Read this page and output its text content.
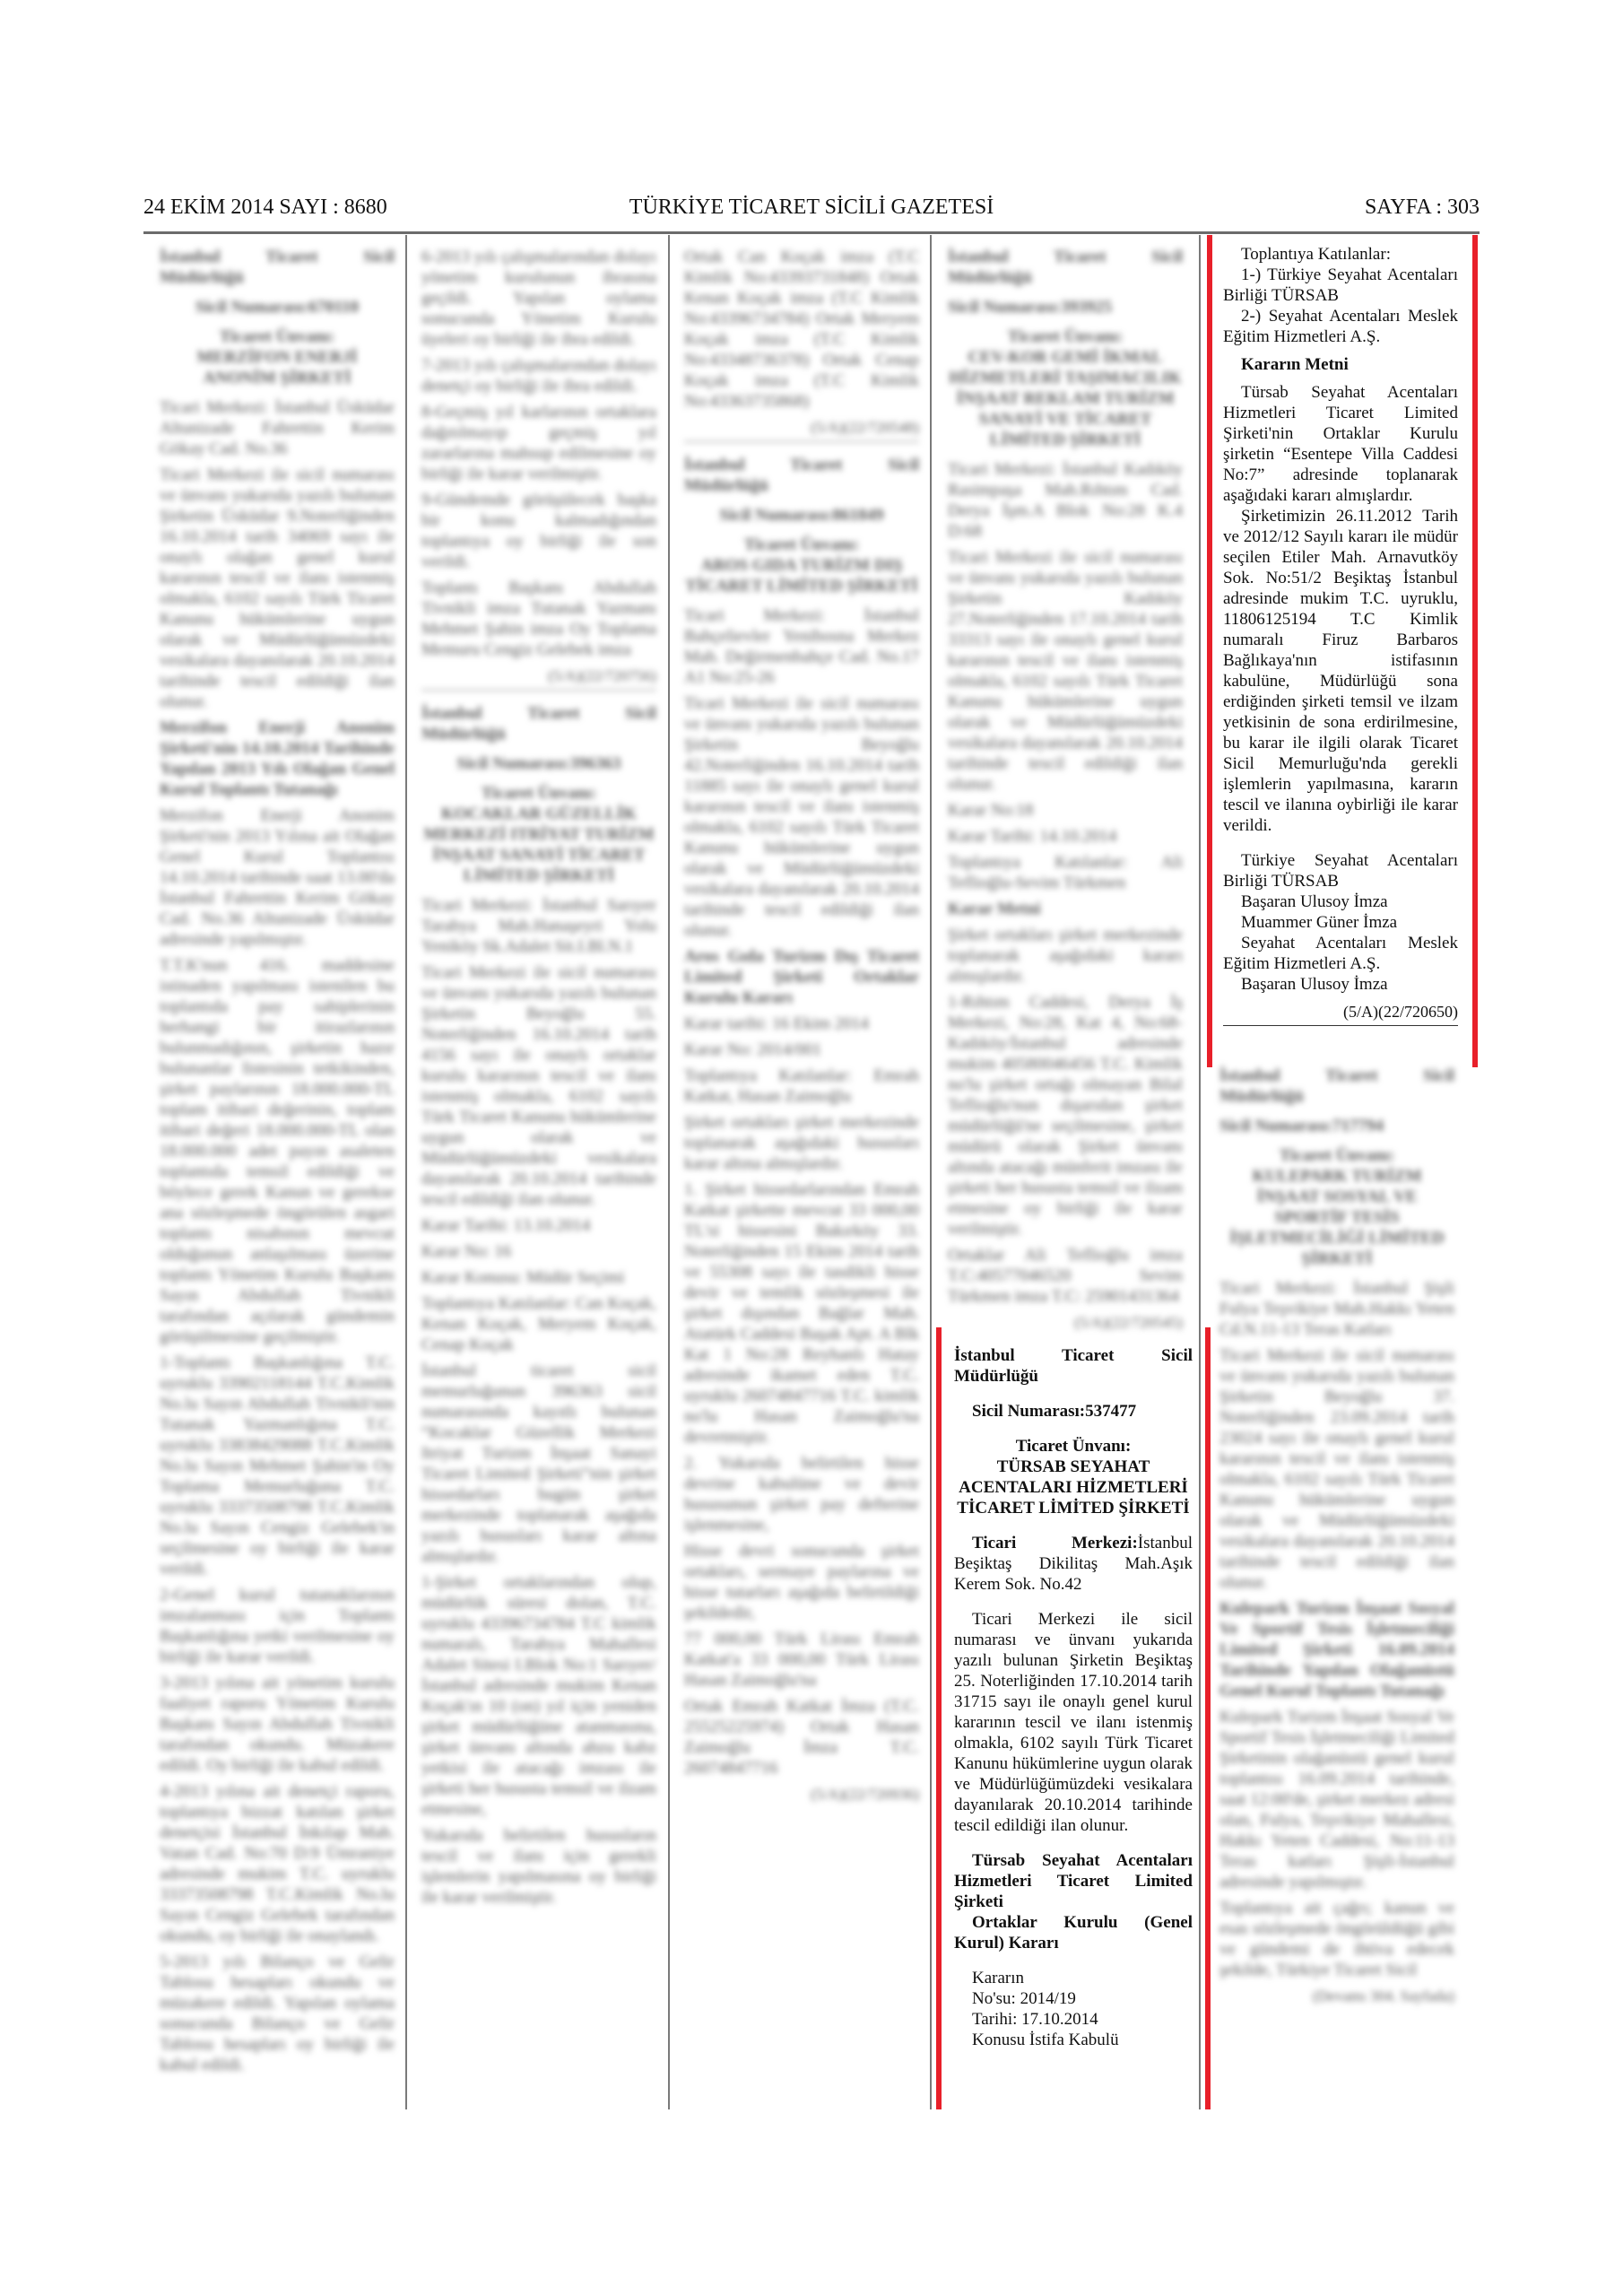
TÜRKİYE TİCARET SİCİLİ GAZETESİ
24 EKİM 2014 SAYI : 8680	SAYFA : 303
İstanbul Ticaret Sicil Müdürlüğü
Sicil Numarası:670110
Ticaret Ünvanı:
MERZİFON ENERJİ ANONİM ŞİRKETİ
Ticari Merkezi: İstanbul Üsküdar Altunizade Fahrettin Kerim Gökay Cad. No.36
Ticari Merkezi ile sicil numarası ve ünvanı yukarıda yazılı bulunan Şirketin Üsküdar 9.Noterliğinden 16.10.2014 tarih 34069 sayı ile onaylı olağan genel kurul kararının tescil ve ilanı istenmiş olmakla, 6102 sayılı Türk Ticaret Kanunu hükümlerine uygun olarak ve Müdürlüğümüzdeki vesikalara dayanılarak 20.10.2014 tarihinde tescil edildiği ilan olunur.
Merzifon Enerji Anonim Şirketi'nin 14.10.2014 Tarihinde Yapılan 2013 Yılı Olağan Genel Kurul Toplantı Tutanağı
Merzifon Enerji Anonim Şirketi'nin 2013 Yılına ait Olağan Genel Kurul Toplantısı 14.10.2014 tarihinde saat 13.00'da İstanbul Fahrettin Kerim Gökay Cad. No.36 Altunizade Üsküdar adresinde yapılmıştır.
T.T.K'nun 416. maddesine istinaden yapılması istenilen bu toplantıda pay sahiplerinin herhangi bir itirazlarının bulunmadığının, şirketin hazır bulunanlar listesinin tetkikinden, şirket paylarının 18.000.000-TL toplam itibari değerinin, toplam itibari değeri 18.000.000-TL olan 18.000.000 adet payın asaleten toplantıda temsil edildiği ve böylece gerek Kanun ve gerekse ana sözleşmede öngörülen asgari toplantı nisabının mevcut olduğunun anlaşılması üzerine toplantı Yönetim Kurulu Başkanı Sayın Abdullah Tivnikli tarafından açılarak gündemin görüşülmesine geçilmiştir.
1-Toplantı Başkanlığına T.C. uyruklu 33902118144 T.C.Kimlik No.lu Sayın Abdullah Tivnikli'nin Tutanak Yazmanlığına T.C. uyruklu 33838429088 T.C.Kimlik No.lu Sayın Mehmet Şahin'in Oy Toplama Memurluğuna T.C. uyruklu 33373508798 T.C.Kimlik No.lu Sayın Cengiz Gelebek'in seçilmesine oy birliği ile karar verildi.
2-Genel kurul tutanaklarının imzalanması için Toplantı Başkanlığına yetki verilmesine oy birliği ile karar verildi.
3-2013 yılına ait yönetim kurulu faaliyet raporu Yönetim Kurulu Başkanı Sayın Abdullah Tivnikli tarafından okundu. Müzakere edildi. Oy birliği ile kabul edildi.
4-2013 yılına ait denetçi raporu, toplantıya bizzat katılan şirket denetçisi İstanbul İnkılap Mah. Vatan Cad. No:70 D:9 Ümraniye adresinde mukim T.C. uyruklu 33373508798 T.C.Kimlik No.lu Sayın Cengiz Gelebek tarafından okundu, oy birliği ile onaylandı.
5-2013 yılı Bilanço ve Gelir Tablosu hesapları okundu ve müzakere edildi. Yapılan oylama sonucunda Bilanço ve Gelir Tablosu hesapları oy birliği ile kabul edildi.
6-2013 yılı çalışmalarından dolayı yönetim kurulunun ibrasına geçildi. Yapılan oylama sonucunda Yönetim Kurulu üyeleri oy birliği ile ibra edildi.
7-2013 yılı çalışmalarından dolayı denetçi oy birliği ile ibra edildi.
8-Geçmiş yıl karlarının ortaklara dağıtılmayıp geçmiş yıl zararlarına mahsup edilmesine oy birliği ile karar verilmiştir.
9-Gündemde görüşülecek başka bir konu kalmadığından toplantıya oy birliği ile son verildi.
Toplantı Başkanı Abdullah Tivnikli imza Tutanak Yazmanı Mehmet Şahin imza Oy Toplama Memuru Cengiz Gelebek imza
(5/A)(22/720756)
İstanbul Ticaret Sicil Müdürlüğü
Sicil Numarası:396363
Ticaret Ünvanı:
KOCAKLAR GÜZELLİK MERKEZİ ITRİYAT TURİZM İNŞAAT SANAYİ TİCARET LİMİTED ŞİRKETİ
Ticari Merkezi: İstanbul Sarıyer Tarabya Mah.Hanaşeyri Yolu Yeniköy Sk.Adalet Sit.I.Bl.N.1
Ticari Merkezi ile sicil numarası ve ünvanı yukarıda yazılı bulunan Şirketin Beyoğlu 55. Noterliğinden 16.10.2014 tarih 4156 sayı ile onaylı ortaklar kurulu kararının tescil ve ilanı istenmiş olmakla, 6102 sayılı Türk Ticaret Kanunu hükümlerine uygun olarak ve Müdürlüğümüzdeki vesikalara dayanılarak 20.10.2014 tarihinde tescil edildiği ilan olunur.
Karar Tarihi: 13.10.2014
Karar No: 16
Karar Konusu: Müdür Seçimi
Toplantıya Katılanlar: Can Koçak, Kenan Koçak, Meryem Koçak, Cenap Koçak
İstanbul ticaret sicil memurluğunun 396363 sicil numarasında kayıtlı bulunan “Kocaklar Güzellik Merkezi Itriyat Turizm İnşaat Sanayi Ticaret Limited Şirketi”nin şirket hissedarları bugün şirket merkezinde toplanarak aşağıda yazılı hususları karar altına almışlardır.
1-Şirket ortaklarından olup, müdürlük süresi dolan, T.C. uyruklu 43396734784 T.C kimlik numaralı, Tarabya Mahallesi Adalet Sitesi I.Blok No:1 Sarıyer/İstanbul adresinde mukim Kenan Koçak'ın 10 (on) yıl için yeniden şirket müdürlüğüne atanmasına, şirket ünvanı altında ahzu kabz yetkisi ile atacağı imzası ile şirketi her hususta temsil ve ilzam etmesine,
Yukarıda belirtilen hususların tescil ve ilanı için gerekli işlemlerin yapılmasına oy birliği ile karar verilmiştir.
Ortak Can Koçak imza (T.C Kimlik No:43393731848) Ortak Kenan Koçak imza (T.C Kimlik No:43396734784) Ortak Meryem Koçak imza (T.C Kimlik No:43348736378) Ortak Cenap Koçak imza (T.C Kimlik No:43363735868)
(5/A)(22/720548)
İstanbul Ticaret Sicil Müdürlüğü
Sicil Numarası:861849
Ticaret Ünvanı:
AROS GIDA TURİZM DIŞ TİCARET LİMİTED ŞİRKETİ
Ticari Merkezi: İstanbul Bahçelievler Yenibosna Merkez Mah. Değirmenbahçe Cad. No.17 A1 No:25-26
Ticari Merkezi ile sicil numarası ve ünvanı yukarıda yazılı bulunan Şirketin Beyoğlu 42.Noterliğinden 16.10.2014 tarih 11885 sayı ile onaylı genel kurul kararının tescil ve ilanı istenmiş olmakla, 6102 sayılı Türk Ticaret Kanunu hükümlerine uygun olarak ve Müdürlüğümüzdeki vesikalara dayanılarak 20.10.2014 tarihinde tescil edildiği ilan olunur.
Aros Gıda Turizm Dış Ticaret Limited Şirketi Ortaklar Kurulu Kararı
Karar tarihi: 16 Ekim 2014
Karar No: 2014/001
Toplantıya Katılanlar: Emrah Katkat, Hasan Zaimoğlu
Şirket ortakları şirket merkezinde toplanarak aşağıdaki hususları karar altına almışlardır.
1. Şirket hissedarlarından Emrah Katkat şirkette mevcut 33 000,00 TL'si hissesini Bakırköy 33. Noterliğinden 15 Ekim 2014 tarih ve 55308 sayı ile tasdikli hisse devir ve temlik sözleşmesi ile şirket dışından Bağlar Mah. Atatürk Caddesi Başak Apt. A Blk Kat 1 No:28 Reyhanlı Hatay adresinde ikamet eden T.C. uyruklu 26074847716 T.C. kimlik no'lu Hasan Zaimoğlu'na devretmiştir.
2. Yukarıda belirtilen hisse devrine kabulüne ve devir hususunun şirket pay defterine işlenmesine,
Hisse devri sonucunda şirket ortakları, sermaye paylarına ve hisse tutarları aşağıda belirtildiği şekildedir,
77 000,00 Türk Lirası Emrah Katkat'a 33 000,00 Türk Lirası Hasan Zaimoğlu'na
Ortak Emrah Katkat İmza (T.C. 25525225974) Ortak Hasan Zaimoğlu İmza T.C. 26074847716
(5/A)(22/720936)
İstanbul Ticaret Sicil Müdürlüğü
Sicil Numarası:393925
Ticaret Ünvanı:
CEV-KOR GEMİ İKMAL HİZMETLERİ TAŞIMACILIK İNŞAAT REKLAM TURİZM SANAYİ VE TİCARET LİMİTED ŞİRKETİ
Ticari Merkezi: İstanbul Kadıköy Rasimpaşa Mah.Rıhtım Cad. Derya İşm.A Blok No:28 K.4 D:68
Ticari Merkezi ile sicil numarası ve ünvanı yukarıda yazılı bulunan Şirketin Kadıköy 27.Noterliğinden 17.10.2014 tarih 33313 sayı ile onaylı genel kurul kararının tescil ve ilanı istenmiş olmakla, 6102 sayılı Türk Ticaret Kanunu hükümlerine uygun olarak ve Müdürlüğümüzdeki vesikalara dayanılarak 20.10.2014 tarihinde tescil edildiği ilan olunur.
Karar No:18
Karar Tarihi: 14.10.2014
Toplantıya Katılanlar: Ali Teflioğlu-Sevim Türkmen
Karar Metni
Şirket ortakları şirket merkezinde toplanarak aşağıdaki kararı almışlardır.
1-Rıhtım Caddesi, Derya İş Merkezi, No:28, Kat 4, No:68-Kadıköy/İstanbul adresinde mukim 40580046456 T.C. Kimlik no'lu şirket ortağı olmayan Bilal Teflioğlu'nun dışarıdan şirket müdürlüğü'ne seçilmesine, şirket müdürü olarak Şirket ünvanı altında atacağı münferit imzası ile şirketi her hususta temsil ve ilzam etmesine oy birliği ile karar verilmiştir.
Ortaklar Ali Teflioğlu imza T.C:40577046520 Sevim Türkmen imza T.C: 25901431364
(5/A)(22/720545)
İstanbul Ticaret Sicil Müdürlüğü
Sicil Numarası:717794
Ticaret Ünvanı:
KULEPARK TURİZM İNŞAAT SOSYAL VE SPORTİF TESİS İŞLETMECİLİĞİ LİMİTED ŞİRKETİ
Ticari Merkezi: İstanbul Şişli Fulya Teşvikiye Mah.Hakkı Yeten Cd.N.11-13 Teras Katları
Ticari Merkezi ile sicil numarası ve ünvanı yukarıda yazılı bulunan Şirketin Beyoğlu 37. Noterliğinden 23.09.2014 tarih 23024 sayı ile onaylı genel kurul kararının tescil ve ilanı istenmiş olmakla, 6102 sayılı Türk Ticaret Kanunu hükümlerine uygun olarak ve Müdürlüğümüzdeki vesikalara dayanılarak 20.10.2014 tarihinde tescil edildiği ilan olunur.
Kulepark Turizm İnşaat Sosyal Ve Sportif Tesis İşletmeciliği Limited Şirketi 16.09.2014 Tarihinde Yapılan Olağanüstü Genel Kurul Toplantı Tutanağı
Kulepark Turizm İnşaat Sosyal Ve Sportif Tesis İşletmeciliği Limited Şirketinin olağanüstü genel kurul toplantısı 16.09.2014 tarihinde, saat 12:00'de, şirket merkez adresi olan, Fulya, Teşvikiye Mahallesi, Hakkı Yeten Caddesi, No:11-13 Teras katları Şişli-İstanbul adresinde yapılmıştır.
Toplantıya ait çağrı; kanun ve esas sözleşmede öngörüldüğü gibi ve gündemi de ihtiva edecek şekilde, Türkiye Ticaret Sicil
(Devamı 304. Sayfada)

Toplantıya Katılanlar:

1-) Türkiye Seyahat Acentaları Birliği TÜRSAB

2-) Seyahat Acentaları Meslek Eğitim Hizmetleri A.Ş.

Kararın Metni

Türsab Seyahat Acentaları Hizmetleri Ticaret Limited Şirketi'nin Ortaklar Kurulu şirketin “Esentepe Villa Caddesi No:7” adresinde toplanarak aşağıdaki kararı almışlardır.

Şirketimizin 26.11.2012 Tarih ve 2012/12 Sayılı kararı ile müdür seçilen Etiler Mah. Arnavutköy Sok. No:51/2 Beşiktaş İstanbul adresinde mukim T.C. uyruklu, 11806125194 T.C Kimlik numaralı Firuz Barbaros Bağlıkaya'nın istifasının kabulüne, Müdürlüğü sona erdiğinden şirketi temsil ve ilzam yetkisinin de sona erdirilmesine, bu karar ile ilgili olarak Ticaret Sicil Memurluğu'nda gerekli işlemlerin yapılmasına, kararın tescil ve ilanına oybirliği ile karar verildi.

Türkiye Seyahat Acentaları Birliği TÜRSAB

Başaran Ulusoy İmza

Muammer Güner İmza

Seyahat Acentaları Meslek Eğitim Hizmetleri A.Ş.

Başaran Ulusoy İmza

(5/A)(22/720650)

İstanbul Ticaret Sicil Müdürlüğü

Sicil Numarası:537477

Ticaret Ünvanı:

TÜRSAB SEYAHAT ACENTALARI HİZMETLERİ TİCARET LİMİTED ŞİRKETİ

Ticari Merkezi:İstanbul Beşiktaş Dikilitaş Mah.Aşık Kerem Sok. No.42

Ticari Merkezi ile sicil numarası ve ünvanı yukarıda yazılı bulunan Şirketin Beşiktaş 25. Noterliğinden 17.10.2014 tarih 31715 sayı ile onaylı genel kurul kararının tescil ve ilanı istenmiş olmakla, 6102 sayılı Türk Ticaret Kanunu hükümlerine uygun olarak ve Müdürlüğümüzdeki vesikalara dayanılarak 20.10.2014 tarihinde tescil edildiği ilan olunur.

Türsab Seyahat Acentaları Hizmetleri Ticaret Limited Şirketi

Ortaklar Kurulu (Genel Kurul) Kararı

Kararın

No'su: 2014/19

Tarihi: 17.10.2014

Konusu İstifa Kabulü
